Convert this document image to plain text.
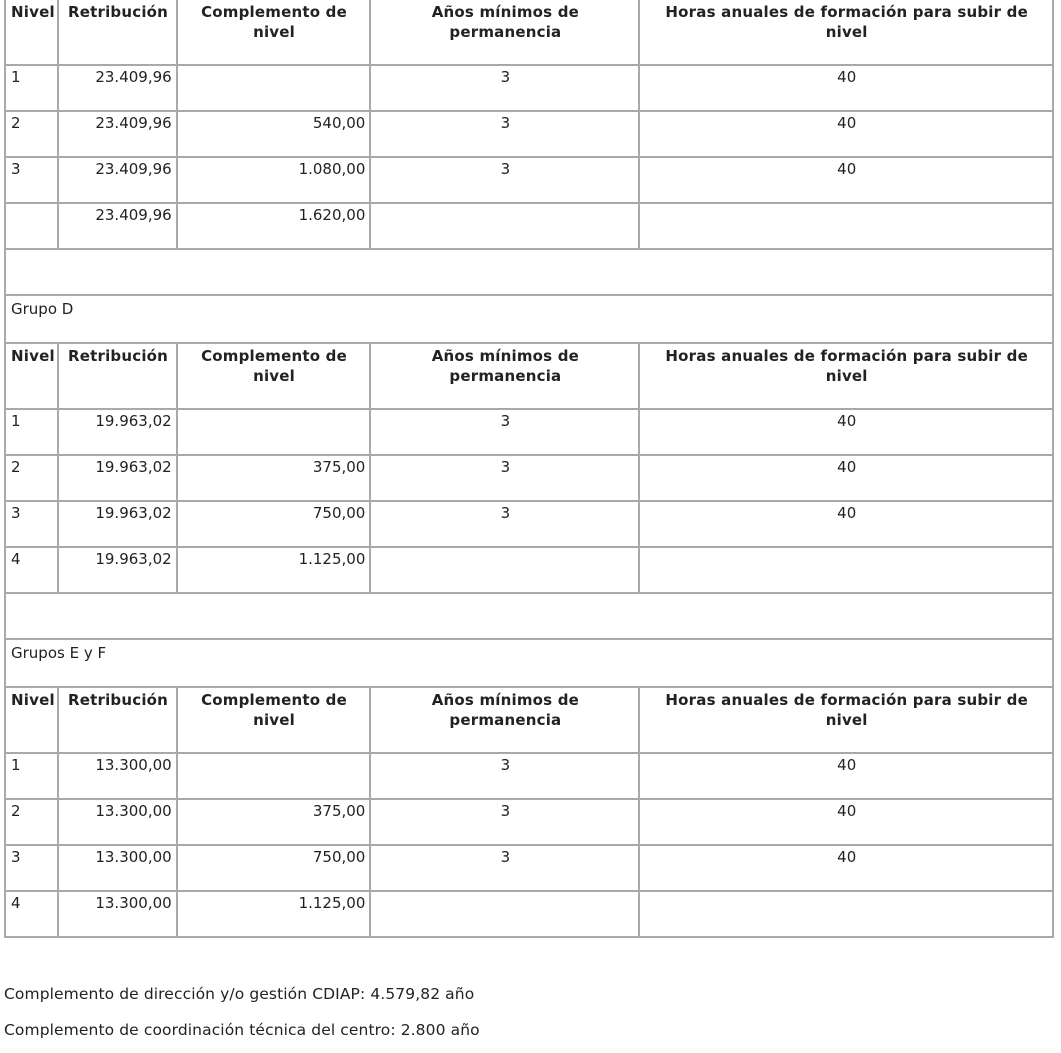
Nivel	Retribución	Complemento de nivel	Años mínimos de permanencia	Horas anuales de formación para subir de nivel
1	23.409,96		3	40
2	23.409,96	540,00	3	40
3	23.409,96	1.080,00	3	40
	23.409,96	1.620,00		

Grupo D				
Nivel	Retribución	Complemento de nivel	Años mínimos de permanencia	Horas anuales de formación para subir de nivel
1	19.963,02		3	40
2	19.963,02	375,00	3	40
3	19.963,02	750,00	3	40
4	19.963,02	1.125,00		

Grupos E y F				
Nivel	Retribución	Complemento de nivel	Años mínimos de permanencia	Horas anuales de formación para subir de nivel
1	13.300,00		3	40
2	13.300,00	375,00	3	40
3	13.300,00	750,00	3	40
4	13.300,00	1.125,00		

Complemento de dirección y/o gestión CDIAP: 4.579,82 año

Complemento de coordinación técnica del centro: 2.800 año
